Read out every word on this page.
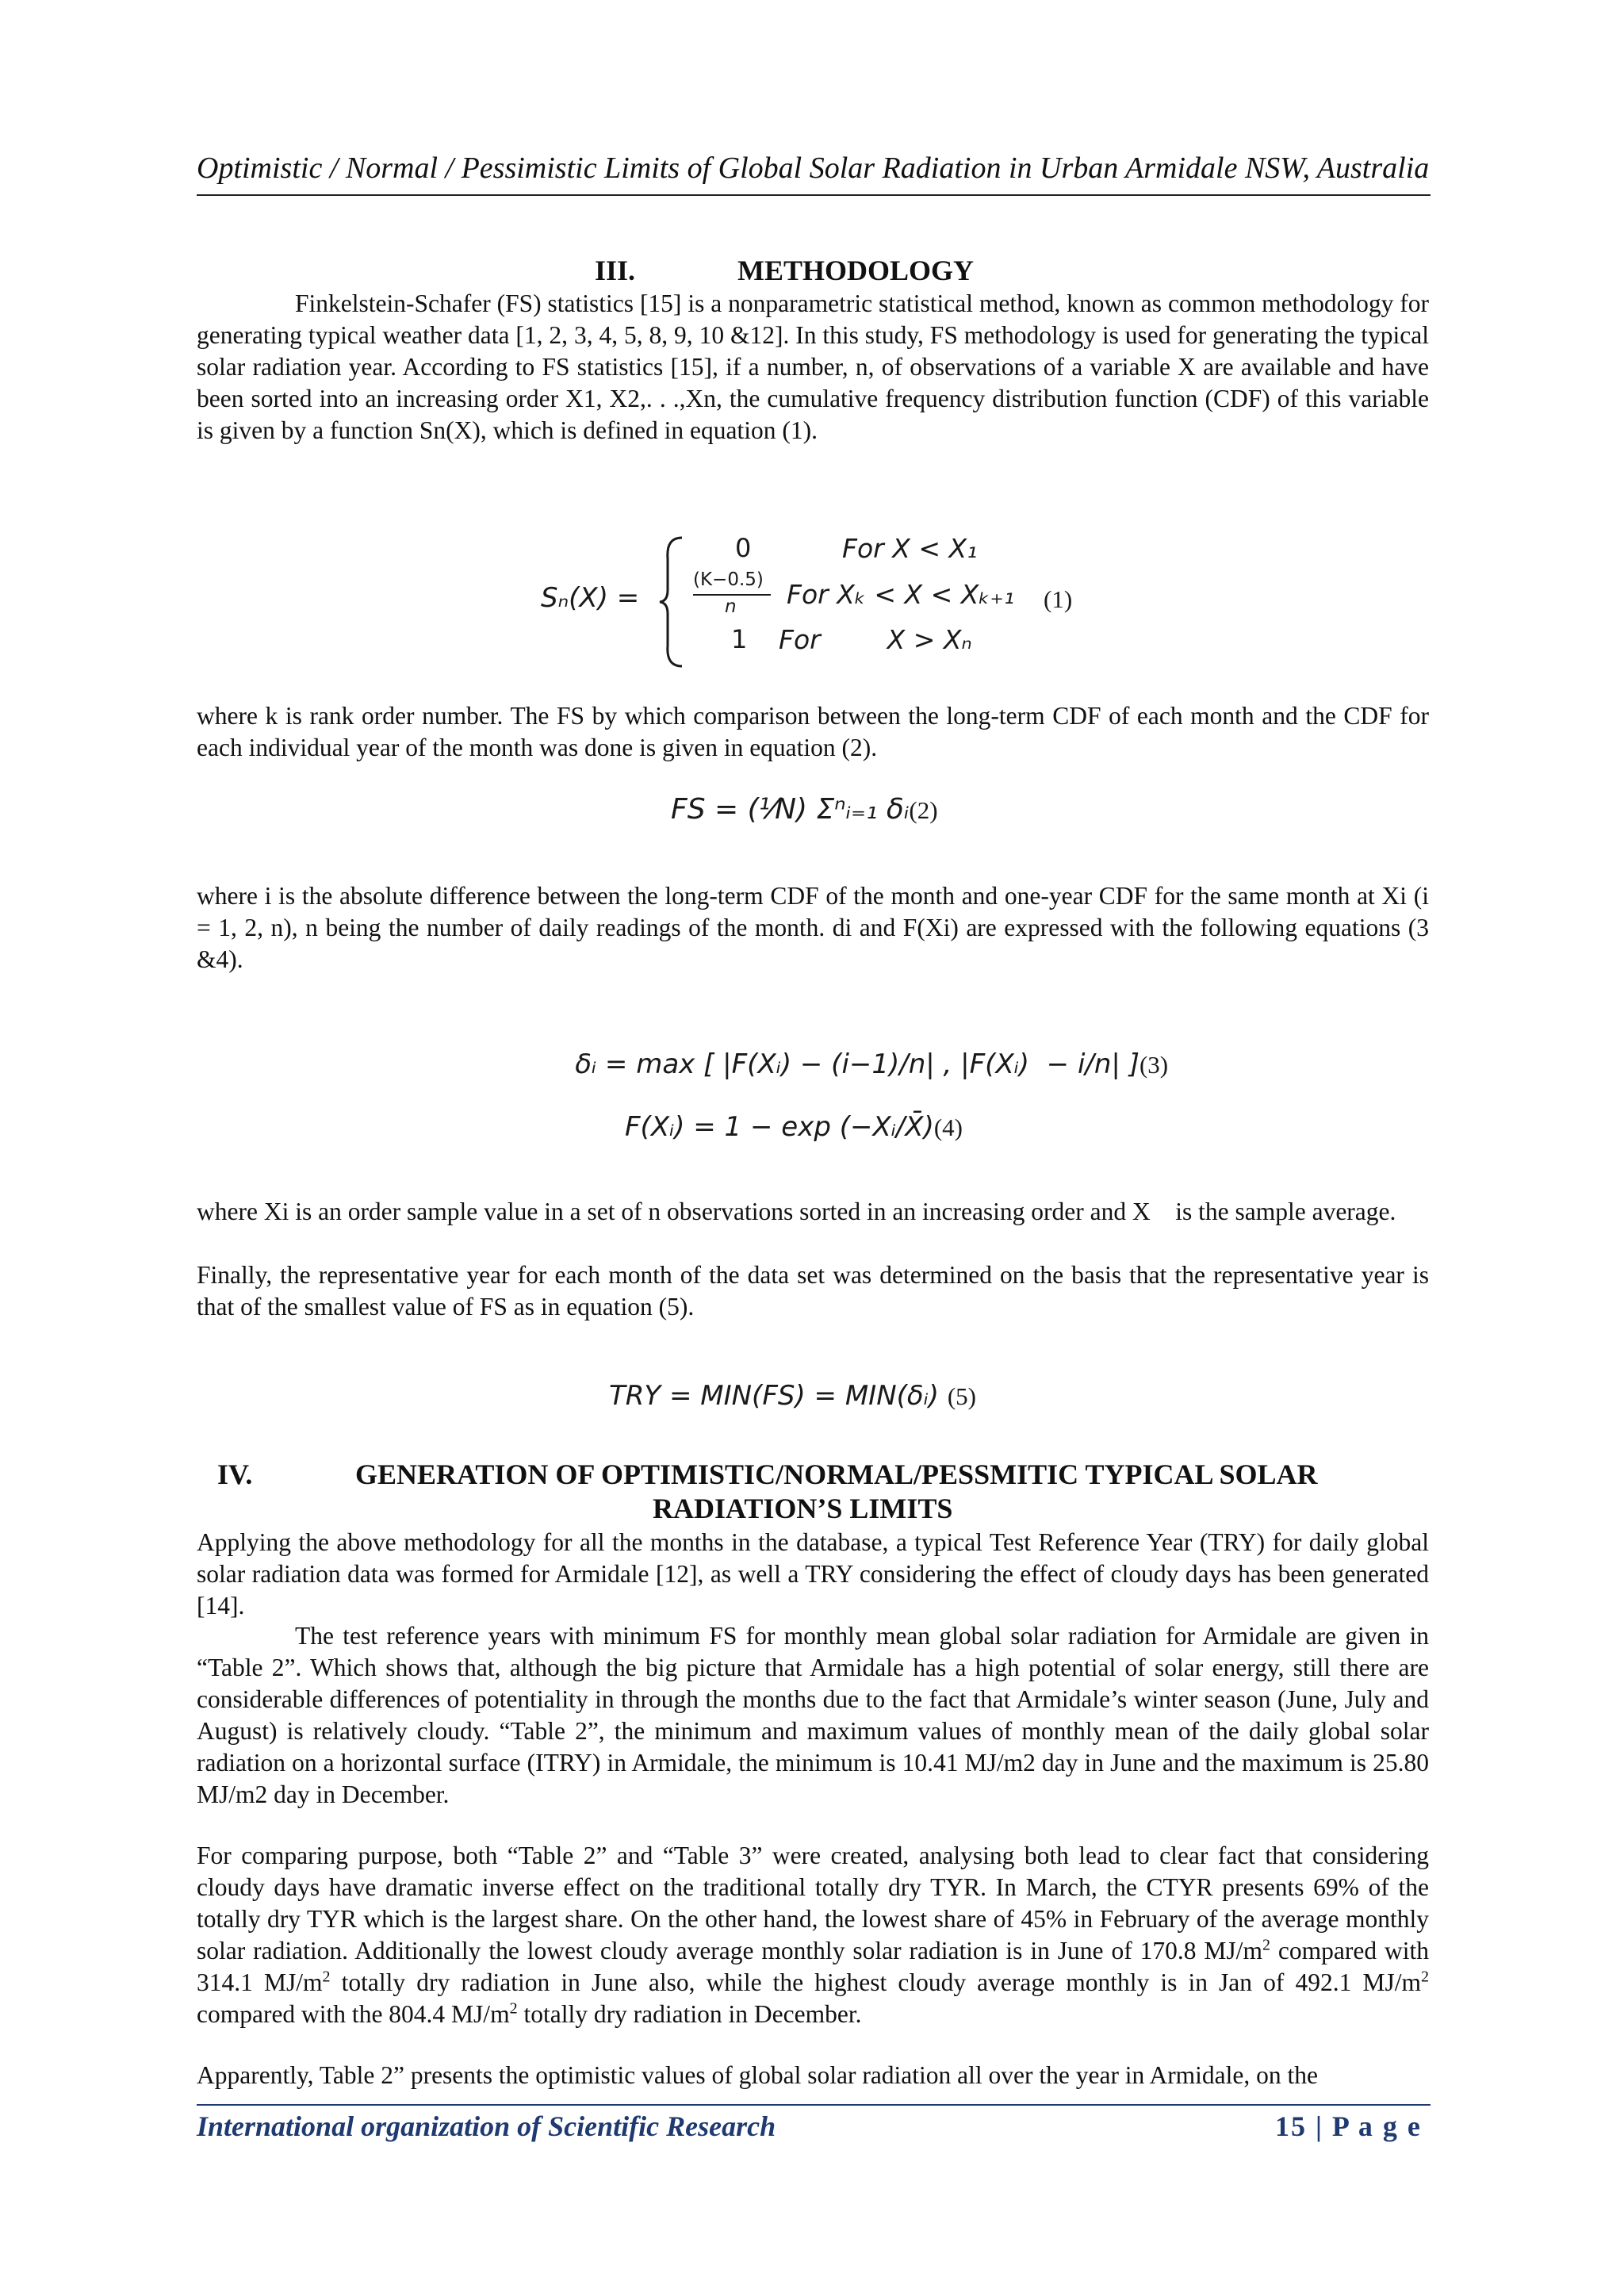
Optimistic / Normal / Pessimistic Limits of Global Solar Radiation in Urban Armidale NSW, Australia
III.	METHODOLOGY

Finkelstein-Schafer (FS) statistics [15] is a nonparametric statistical method, known as common methodology for generating typical weather data [1, 2, 3, 4, 5, 8, 9, 10 &12]. In this study, FS methodology is used for generating the typical solar radiation year. According to FS statistics [15], if a number, n, of observations of a variable X are available and have been sorted into an increasing order X1, X2,. . .,Xn, the cumulative frequency distribution function (CDF) of this variable is given by a function Sn(X), which is defined in equation (1).

Sₙ(X) =
0	For X < X₁
(K−0.5)
n For Xₖ < X < Xₖ₊₁ (1)
1 For        X > Xₙ

where k is rank order number. The FS by which comparison between the long-term CDF of each month and the CDF for each individual year of the month was done is given in equation (2).

FS = (¹⁄N) Σⁿᵢ₌₁ δᵢ(2)

where i is the absolute difference between the long-term CDF of the month and one-year CDF for the same month at Xi (i = 1, 2, n), n being the number of daily readings of the month. di and F(Xi) are expressed with the following equations (3 &4).

δᵢ = max [ |F(Xᵢ) − (i−1)/n| , |F(Xᵢ)  − i/n| ](3)

F(Xᵢ) = 1 − exp (−Xᵢ/X̄)(4)

where Xi is an order sample value in a set of n observations sorted in an increasing order and X    is the sample average.

Finally, the representative year for each month of the data set was determined on the basis that the representative year is that of the smallest value of FS as in equation (5).

TRY = MIN(FS) = MIN(δᵢ) (5)
IV.	GENERATION OF OPTIMISTIC/NORMAL/PESSMITIC TYPICAL SOLAR
RADIATION’S LIMITS

Applying the above methodology for all the months in the database, a typical Test Reference Year (TRY) for daily global solar radiation data was formed for Armidale [12], as well a TRY considering the effect of cloudy days has been generated [14].

The test reference years with minimum FS for monthly mean global solar radiation for Armidale are given in “Table 2”. Which shows that, although the big picture that Armidale has a high potential of solar energy, still there are considerable differences of potentiality in through the months due to the fact that Armidale’s winter season (June, July and August) is relatively cloudy. “Table 2”, the minimum and maximum values of monthly mean of the daily global solar radiation on a horizontal surface (ITRY) in Armidale, the minimum is 10.41 MJ/m2 day in June and the maximum is 25.80 MJ/m2 day in December.

For comparing purpose, both “Table 2” and “Table 3” were created, analysing both lead to clear fact that considering cloudy days have dramatic inverse effect on the traditional totally dry TYR. In March, the CTYR presents 69% of the totally dry TYR which is the largest share. On the other hand, the lowest share of 45% in February of the average monthly solar radiation. Additionally the lowest cloudy average monthly solar radiation is in June of 170.8 $MJ/m^2$ compared with 314.1 $MJ/m^2$ totally dry radiation in June also, while the highest cloudy average monthly is in Jan of 492.1 $MJ/m^2$ compared with the 804.4 $MJ/m^2$ totally dry radiation in December.

Apparently, Table 2” presents the optimistic values of global solar radiation all over the year in Armidale, on the

International organization of Scientific Research	15 | P a g e
